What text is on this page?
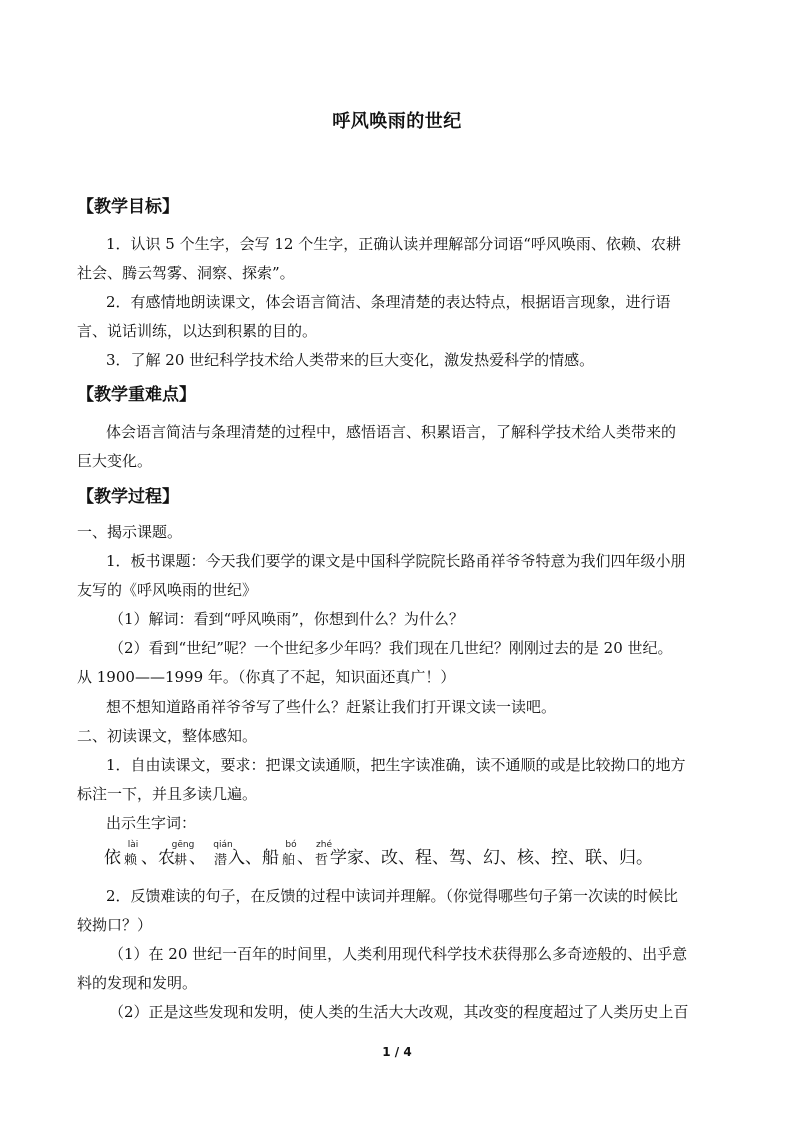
呼风唤雨的世纪
【教学目标】
1．认识 5 个生字，会写 12 个生字，正确认读并理解部分词语“呼风唤雨、依赖、农耕
社会、腾云驾雾、洞察、探索”。
2．有感情地朗读课文，体会语言简洁、条理清楚的表达特点，根据语言现象，进行语
言、说话训练，以达到积累的目的。
3．了解 20 世纪科学技术给人类带来的巨大变化，激发热爱科学的情感。
【教学重难点】
体会语言简洁与条理清楚的过程中，感悟语言、积累语言，了解科学技术给人类带来的
巨大变化。
【教学过程】
一、揭示课题。
1．板书课题：今天我们要学的课文是中国科学院院长路甬祥爷爷特意为我们四年级小朋
友写的《呼风唤雨的世纪》
（1）解词：看到“呼风唤雨”，你想到什么？为什么？
（2）看到“世纪”呢？一个世纪多少年吗？我们现在几世纪？刚刚过去的是 20 世纪。
从 1900——1999 年。（你真了不起，知识面还真广！）
想不想知道路甬祥爷爷写了些什么？赶紧让我们打开课文读一读吧。
二、初读课文，整体感知。
1．自由读课文，要求：把课文读通顺，把生字读准确，读不通顺的或是比较拗口的地方
标注一下，并且多读几遍。
出示生字词：
依
lài
赖 、农
gēng
耕 、
qián
潜 入、船
bó
舶 、
zhé
哲 学家、改、程、驾、幻、核、控、联、归。
2．反馈难读的句子，在反馈的过程中读词并理解。（你觉得哪些句子第一次读的时候比
较拗口？）
（1）在 20 世纪一百年的时间里，人类利用现代科学技术获得那么多奇迹般的、出乎意
料的发现和发明。
（2）正是这些发现和发明，使人类的生活大大改观，其改变的程度超过了人类历史上百
1 / 4
